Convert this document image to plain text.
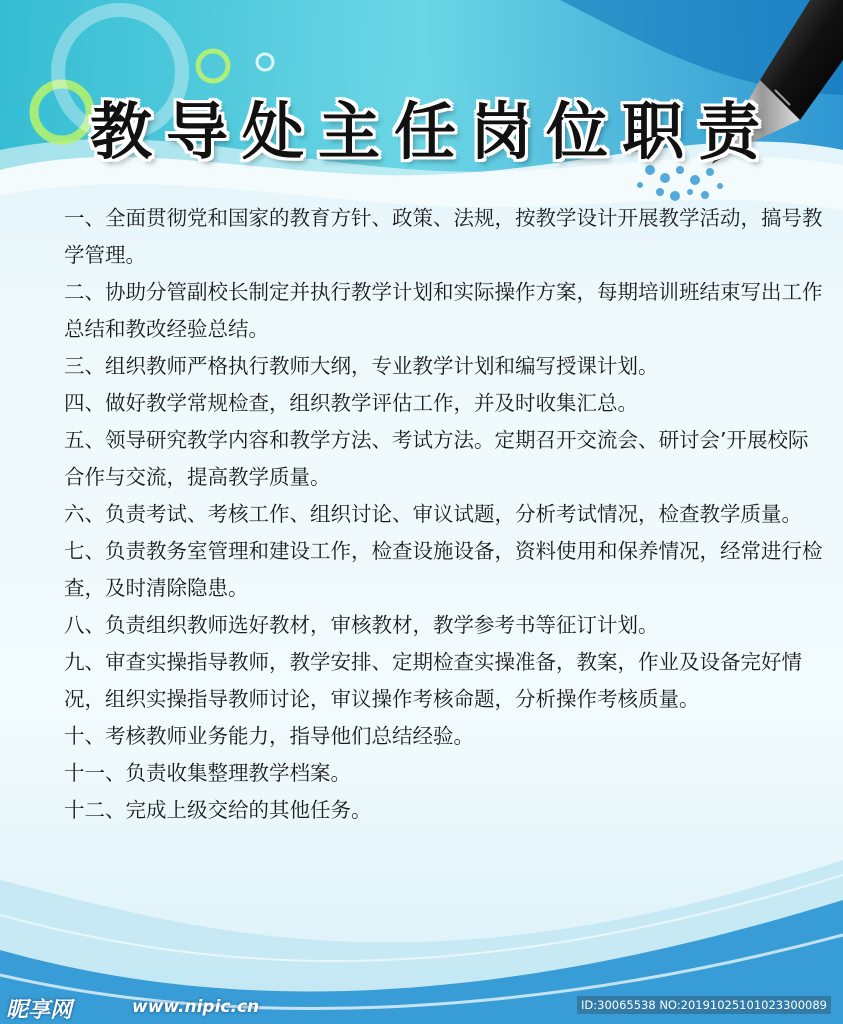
教导处主任岗位职责
一、全面贯彻党和国家的教育方针、政策、法规，按教学设计开展教学活动，搞号教学管理。
二、协助分管副校长制定并执行教学计划和实际操作方案，每期培训班结束写出工作总结和教改经验总结。
三、组织教师严格执行教师大纲，专业教学计划和编写授课计划。
四、做好教学常规检查，组织教学评估工作，并及时收集汇总。
五、领导研究教学内容和教学方法、考试方法。定期召开交流会、研讨会’开展校际合作与交流，提高教学质量。
六、负责考试、考核工作、组织讨论、审议试题，分析考试情况，检查教学质量。
七、负责教务室管理和建设工作，检查设施设备，资料使用和保养情况，经常进行检查，及时清除隐患。
八、负责组织教师选好教材，审核教材，教学参考书等征订计划。
九、审查实操指导教师，教学安排、定期检查实操准备，教案，作业及设备完好情况，组织实操指导教师讨论，审议操作考核命题，分析操作考核质量。
十、考核教师业务能力，指导他们总结经验。
十一、负责收集整理教学档案。
十二、完成上级交给的其他任务。
昵享网	www.nipic.cn	ID:30065538 NO:20191025101023300089
